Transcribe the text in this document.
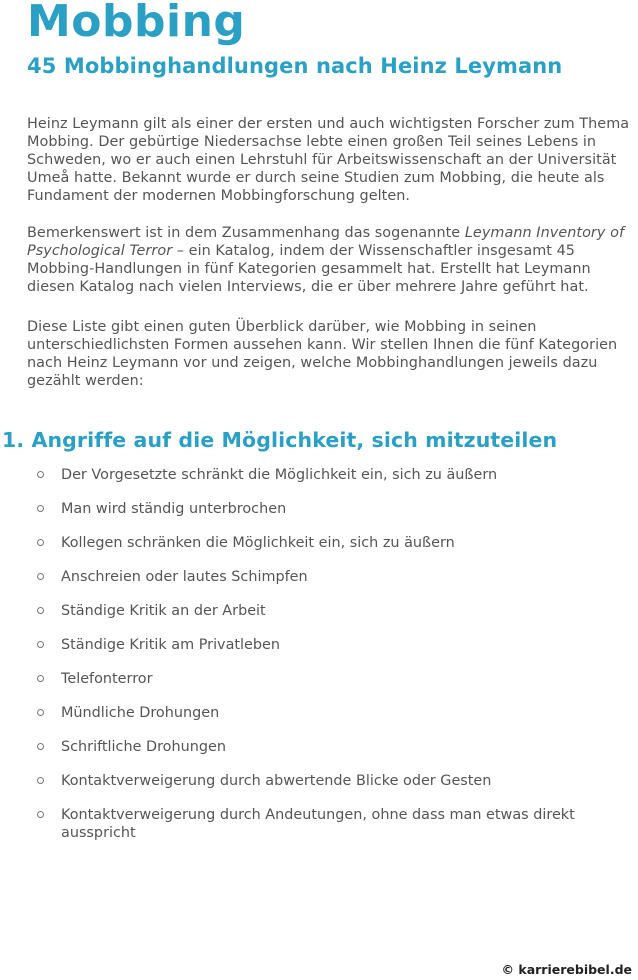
Mobbing
45 Mobbinghandlungen nach Heinz Leymann

Heinz Leymann gilt als einer der ersten und auch wichtigsten Forscher zum Thema Mobbing. Der gebürtige Niedersachse lebte einen großen Teil seines Lebens in Schweden, wo er auch einen Lehrstuhl für Arbeitswissenschaft an der Universität Umeå hatte. Bekannt wurde er durch seine Studien zum Mobbing, die heute als Fundament der modernen Mobbingforschung gelten.

Bemerkenswert ist in dem Zusammenhang das sogenannte Leymann Inventory of Psychological Terror – ein Katalog, indem der Wissenschaftler insgesamt 45 Mobbing-Handlungen in fünf Kategorien gesammelt hat. Erstellt hat Leymann diesen Katalog nach vielen Interviews, die er über mehrere Jahre geführt hat.

Diese Liste gibt einen guten Überblick darüber, wie Mobbing in seinen unterschiedlichsten Formen aussehen kann. Wir stellen Ihnen die fünf Kategorien nach Heinz Leymann vor und zeigen, welche Mobbinghandlungen jeweils dazu gezählt werden:

1. Angriffe auf die Möglichkeit, sich mitzuteilen
Der Vorgesetzte schränkt die Möglichkeit ein, sich zu äußern
Man wird ständig unterbrochen
Kollegen schränken die Möglichkeit ein, sich zu äußern
Anschreien oder lautes Schimpfen
Ständige Kritik an der Arbeit
Ständige Kritik am Privatleben
Telefonterror
Mündliche Drohungen
Schriftliche Drohungen
Kontaktverweigerung durch abwertende Blicke oder Gesten
Kontaktverweigerung durch Andeutungen, ohne dass man etwas direkt ausspricht
© karrierebibel.de
